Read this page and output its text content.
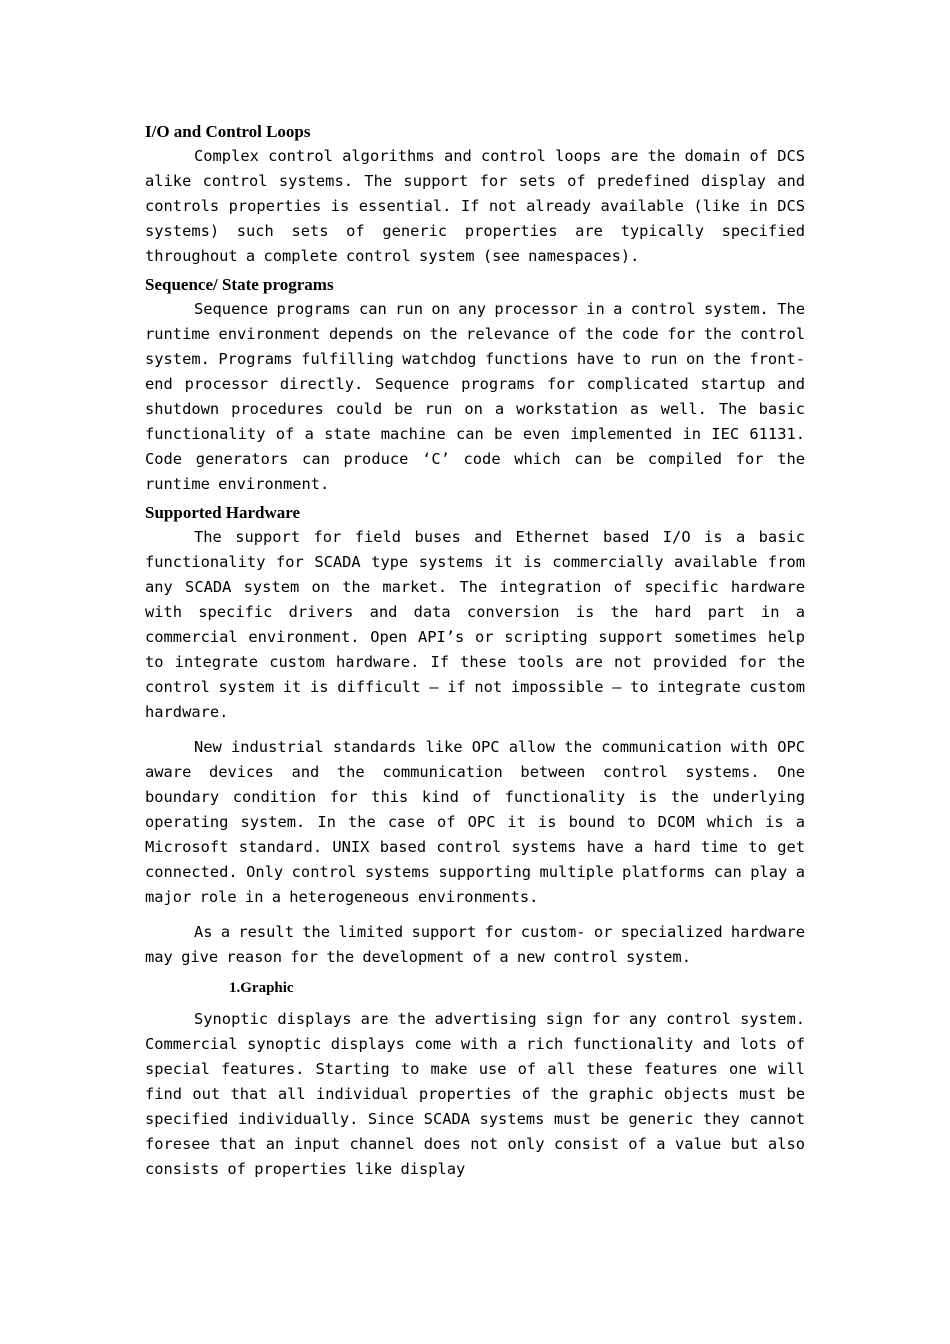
I/O and Control Loops

Complex control algorithms and control loops are the domain of DCS alike control systems. The support for sets of predefined display and controls properties is essential. If not already available (like in DCS systems) such sets of generic properties are typically specified throughout a complete control system (see namespaces).

Sequence/ State programs

Sequence programs can run on any processor in a control system. The runtime environment depends on the relevance of the code for the control system. Programs fulfilling watchdog functions have to run on the front-end processor directly. Sequence programs for complicated startup and shutdown procedures could be run on a workstation as well. The basic functionality of a state machine can be even implemented in IEC 61131. Code generators can produce ‘C’ code which can be compiled for the runtime environment.

Supported Hardware

The support for field buses and Ethernet based I/O is a basic functionality for SCADA type systems it is commercially available from any SCADA system on the market. The integration of specific hardware with specific drivers and data conversion is the hard part in a commercial environment. Open API’s or scripting support sometimes help to integrate custom hardware. If these tools are not provided for the control system it is difficult – if not impossible – to integrate custom hardware.

New industrial standards like OPC allow the communication with OPC aware devices and the communication between control systems. One boundary condition for this kind of functionality is the underlying operating system. In the case of OPC it is bound to DCOM which is a Microsoft standard. UNIX based control systems have a hard time to get connected. Only control systems supporting multiple platforms can play a major role in a heterogeneous environments.

As a result the limited support for custom- or specialized hardware may give reason for the development of a new control system.

1.Graphic

Synoptic displays are the advertising sign for any control system. Commercial synoptic displays come with a rich functionality and lots of special features. Starting to make use of all these features one will find out that all individual properties of the graphic objects must be specified individually. Since SCADA systems must be generic they cannot foresee that an input channel does not only consist of a value but also consists of properties like display
